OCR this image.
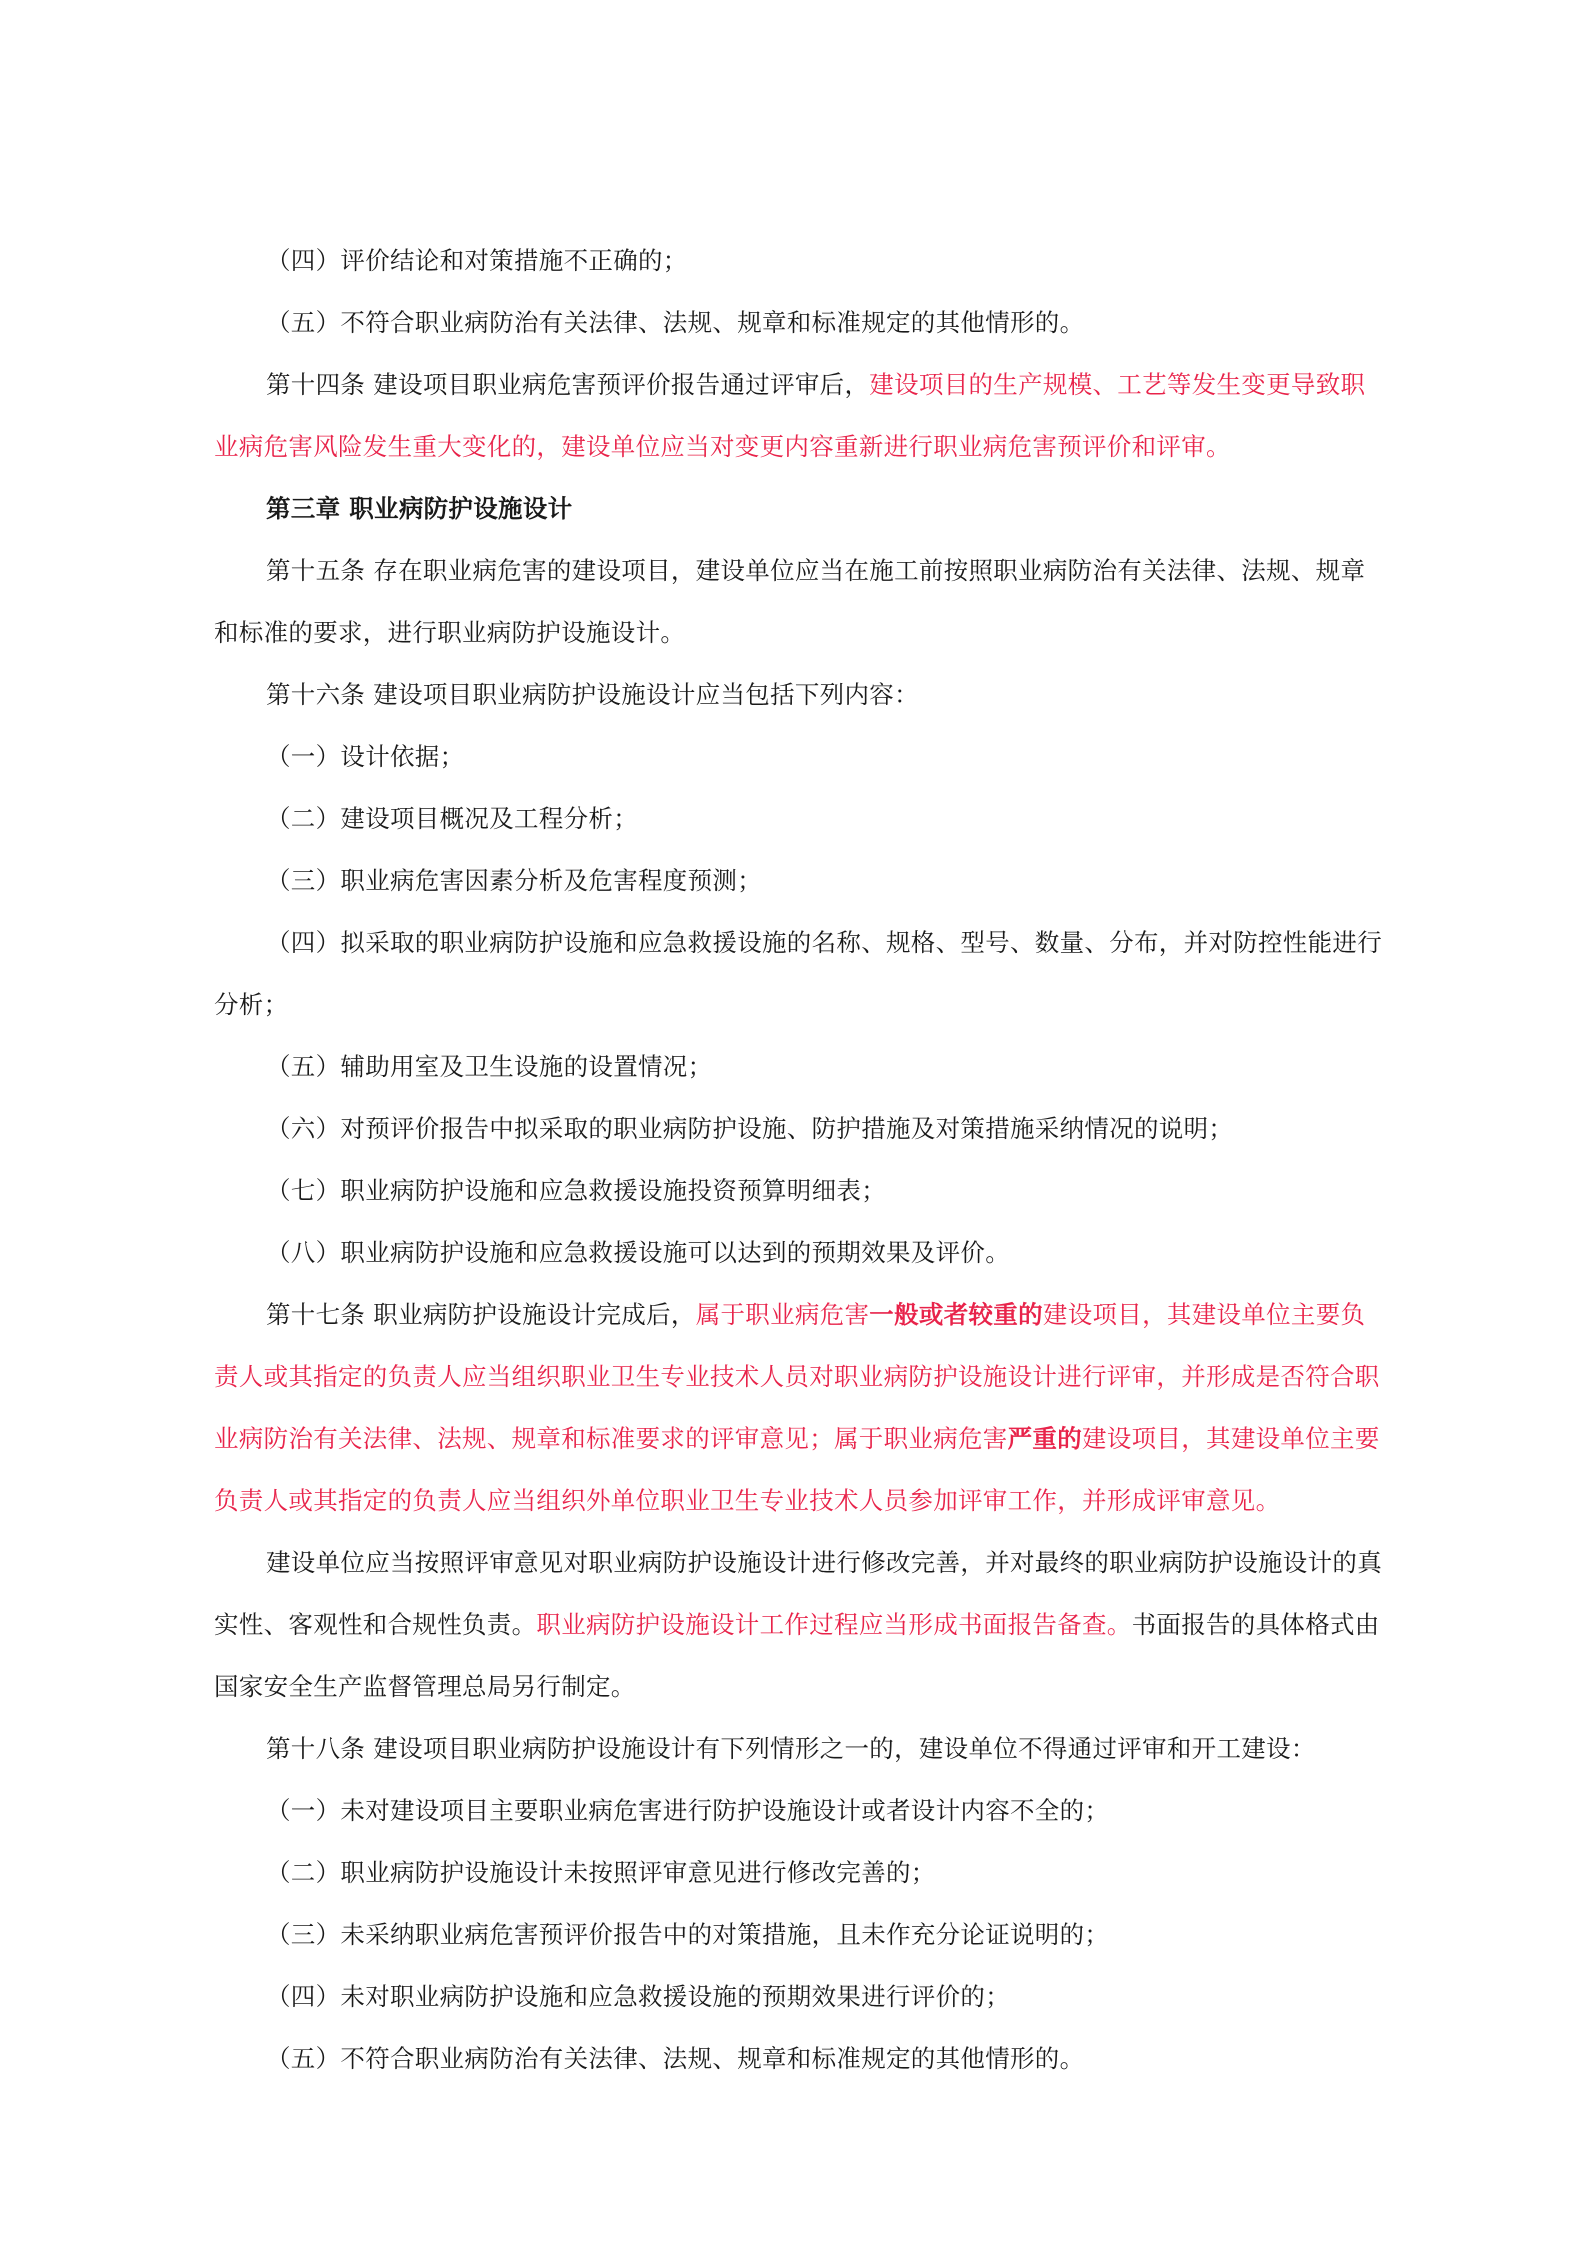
（四）评价结论和对策措施不正确的；

（五）不符合职业病防治有关法律、法规、规章和标准规定的其他情形的。

第十四条 建设项目职业病危害预评价报告通过评审后，建设项目的生产规模、工艺等发生变更导致职业病危害风险发生重大变化的，建设单位应当对变更内容重新进行职业病危害预评价和评审。

第三章 职业病防护设施设计

第十五条 存在职业病危害的建设项目，建设单位应当在施工前按照职业病防治有关法律、法规、规章和标准的要求，进行职业病防护设施设计。

第十六条 建设项目职业病防护设施设计应当包括下列内容：

（一）设计依据；

（二）建设项目概况及工程分析；

（三）职业病危害因素分析及危害程度预测；

（四）拟采取的职业病防护设施和应急救援设施的名称、规格、型号、数量、分布，并对防控性能进行分析；

（五）辅助用室及卫生设施的设置情况；

（六）对预评价报告中拟采取的职业病防护设施、防护措施及对策措施采纳情况的说明；

（七）职业病防护设施和应急救援设施投资预算明细表；

（八）职业病防护设施和应急救援设施可以达到的预期效果及评价。

第十七条 职业病防护设施设计完成后，属于职业病危害一般或者较重的建设项目，其建设单位主要负责人或其指定的负责人应当组织职业卫生专业技术人员对职业病防护设施设计进行评审，并形成是否符合职业病防治有关法律、法规、规章和标准要求的评审意见；属于职业病危害严重的建设项目，其建设单位主要负责人或其指定的负责人应当组织外单位职业卫生专业技术人员参加评审工作，并形成评审意见。

建设单位应当按照评审意见对职业病防护设施设计进行修改完善，并对最终的职业病防护设施设计的真实性、客观性和合规性负责。职业病防护设施设计工作过程应当形成书面报告备查。书面报告的具体格式由国家安全生产监督管理总局另行制定。

第十八条 建设项目职业病防护设施设计有下列情形之一的，建设单位不得通过评审和开工建设：

（一）未对建设项目主要职业病危害进行防护设施设计或者设计内容不全的；

（二）职业病防护设施设计未按照评审意见进行修改完善的；

（三）未采纳职业病危害预评价报告中的对策措施，且未作充分论证说明的；

（四）未对职业病防护设施和应急救援设施的预期效果进行评价的；

（五）不符合职业病防治有关法律、法规、规章和标准规定的其他情形的。
